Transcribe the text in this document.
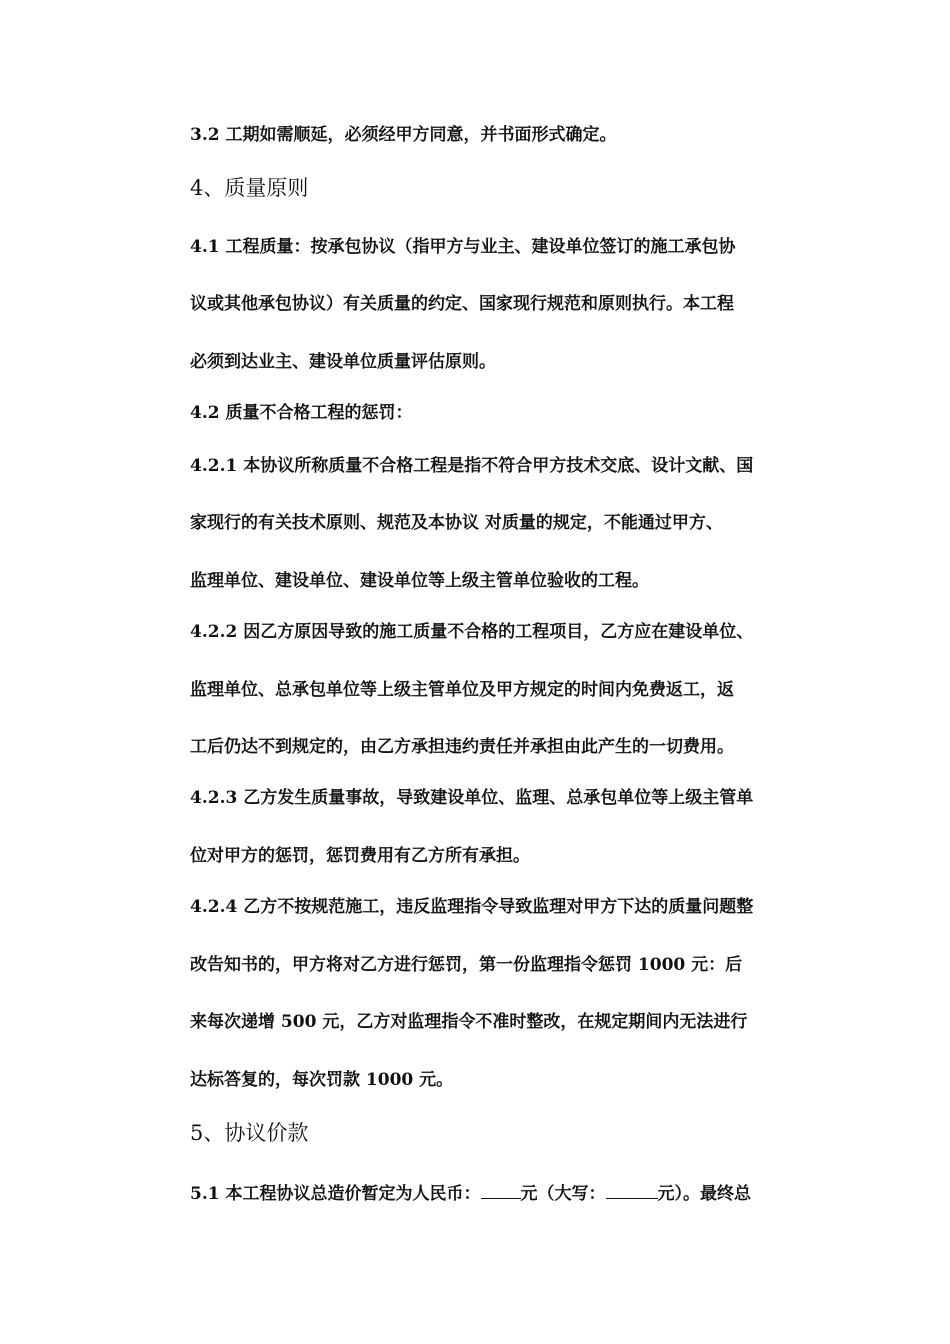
3.2 工期如需顺延，必须经甲方同意，并书面形式确定。
4、质量原则
4.1 工程质量：按承包协议（指甲方与业主、建设单位签订的施工承包协
议或其他承包协议）有关质量的约定、国家现行规范和原则执行。本工程
必须到达业主、建设单位质量评估原则。
4.2 质量不合格工程的惩罚：
4.2.1 本协议所称质量不合格工程是指不符合甲方技术交底、设计文献、国
家现行的有关技术原则、规范及本协议 对质量的规定，不能通过甲方、
监理单位、建设单位、建设单位等上级主管单位验收的工程。
4.2.2 因乙方原因导致的施工质量不合格的工程项目，乙方应在建设单位、
监理单位、总承包单位等上级主管单位及甲方规定的时间内免费返工，返
工后仍达不到规定的，由乙方承担违约责任并承担由此产生的一切费用。
4.2.3 乙方发生质量事故，导致建设单位、监理、总承包单位等上级主管单
位对甲方的惩罚，惩罚费用有乙方所有承担。
4.2.4 乙方不按规范施工，违反监理指令导致监理对甲方下达的质量问题整
改告知书的，甲方将对乙方进行惩罚，第一份监理指令惩罚 1000 元：后
来每次递增 500 元，乙方对监理指令不准时整改，在规定期间内无法进行
达标答复的，每次罚款 1000 元。
5、协议价款
5.1 本工程协议总造价暂定为人民币： 元（大写：	元）。最终总
